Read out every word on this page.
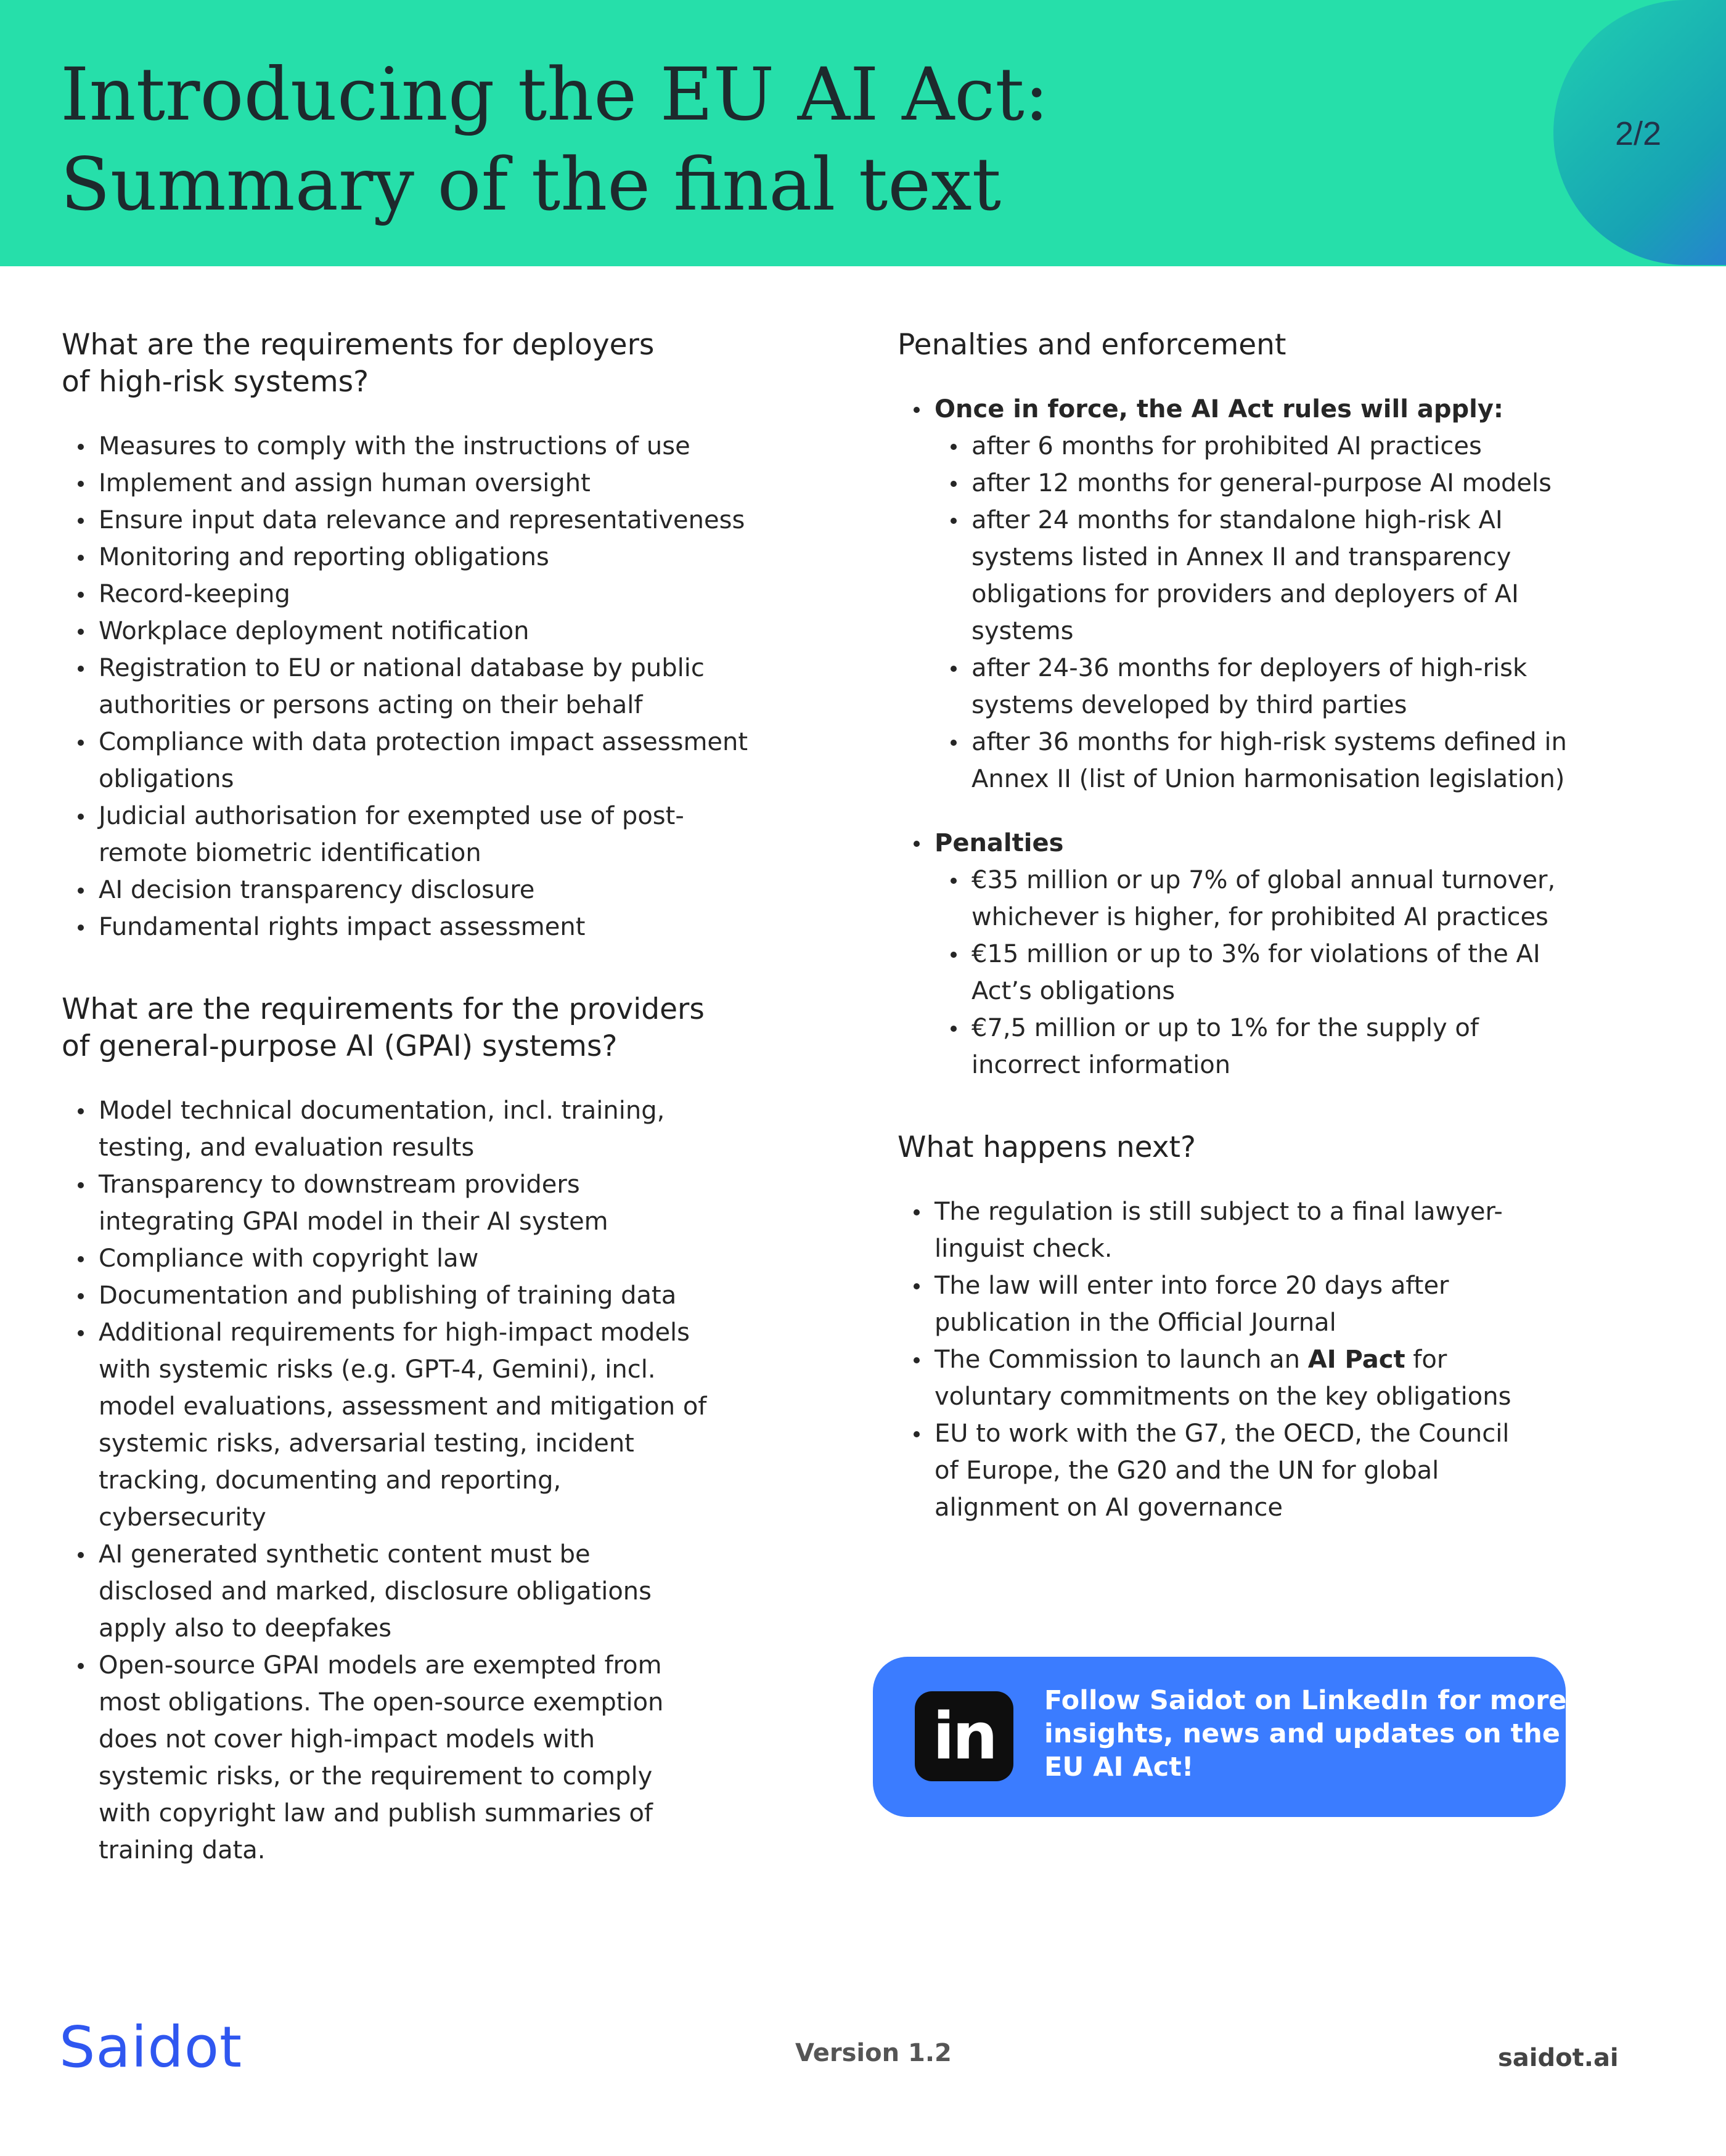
Introducing the EU AI Act:
Summary of the final text
2/2
What are the requirements for deployers
of high-risk systems?
Measures to comply with the instructions of use
Implement and assign human oversight
Ensure input data relevance and representativeness
Monitoring and reporting obligations
Record-keeping
Workplace deployment notification
Registration to EU or national database by public
authorities or persons acting on their behalf
Compliance with data protection impact assessment
obligations
Judicial authorisation for exempted use of post-
remote biometric identification
AI decision transparency disclosure
Fundamental rights impact assessment
What are the requirements for the providers
of general-purpose AI (GPAI) systems?
Model technical documentation, incl. training,
testing, and evaluation results
Transparency to downstream providers
integrating GPAI model in their AI system
Compliance with copyright law
Documentation and publishing of training data
Additional requirements for high-impact models
with systemic risks (e.g. GPT-4, Gemini), incl.
model evaluations, assessment and mitigation of
systemic risks, adversarial testing, incident
tracking, documenting and reporting,
cybersecurity
AI generated synthetic content must be
disclosed and marked, disclosure obligations
apply also to deepfakes
Open-source GPAI models are exempted from
most obligations. The open-source exemption
does not cover high-impact models with
systemic risks, or the requirement to comply
with copyright law and publish summaries of
training data.
Penalties and enforcement
Once in force, the AI Act rules will apply:
after 6 months for prohibited AI practices
after 12 months for general-purpose AI models
after 24 months for standalone high-risk AI
systems listed in Annex II and transparency
obligations for providers and deployers of AI
systems
after 24-36 months for deployers of high-risk
systems developed by third parties
after 36 months for high-risk systems defined in
Annex II (list of Union harmonisation legislation)
Penalties
€35 million or up 7% of global annual turnover,
whichever is higher, for prohibited AI practices
€15 million or up to 3% for violations of the AI
Act’s obligations
€7,5 million or up to 1% for the supply of
incorrect information
What happens next?
The regulation is still subject to a final lawyer-
linguist check.
The law will enter into force 20 days after
publication in the Official Journal
The Commission to launch an AI Pact for
voluntary commitments on the key obligations
EU to work with the G7, the OECD, the Council
of Europe, the G20 and the UN for global
alignment on AI governance
in	Follow Saidot on LinkedIn for more
insights, news and updates on the
EU AI Act!
Saidot	Version 1.2	saidot.ai
